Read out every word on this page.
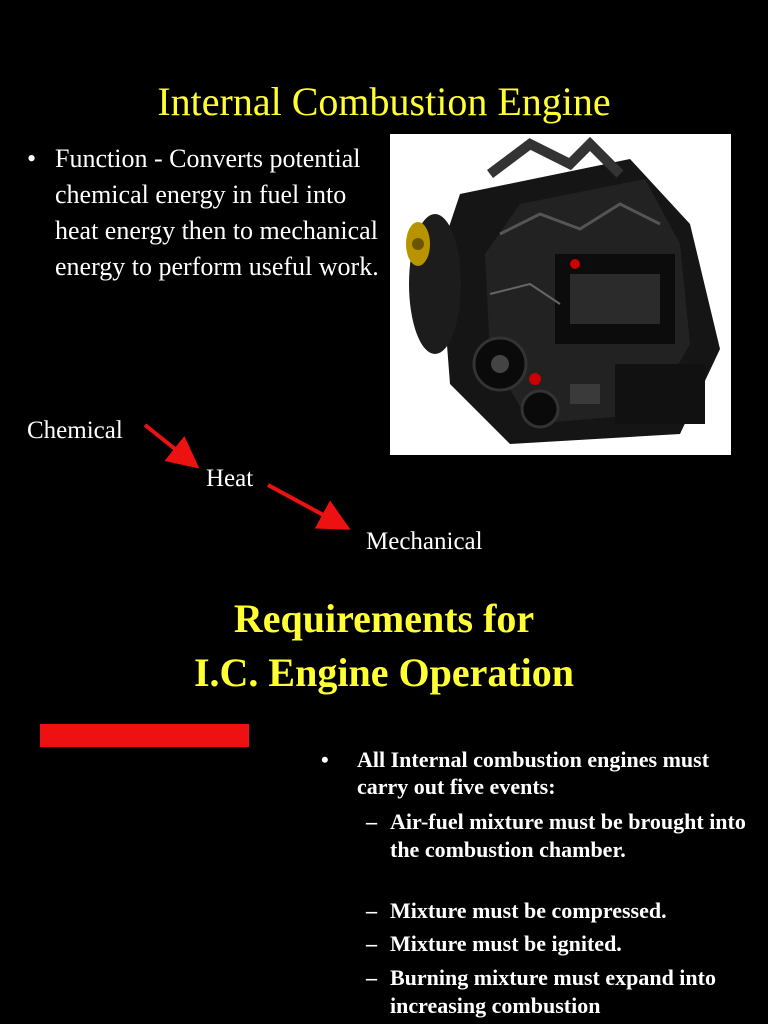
Internal Combustion Engine
• Function - Converts potential chemical energy in fuel into heat energy then to mechanical energy to perform useful work.
Chemical
Heat
Mechanical
Requirements for
I.C. Engine Operation
•	All Internal combustion engines must carry out five events:
– Air-fuel mixture must be brought into the combustion chamber.
– Mixture must be compressed.
– Mixture must be ignited.
– Burning mixture must expand into increasing combustion
